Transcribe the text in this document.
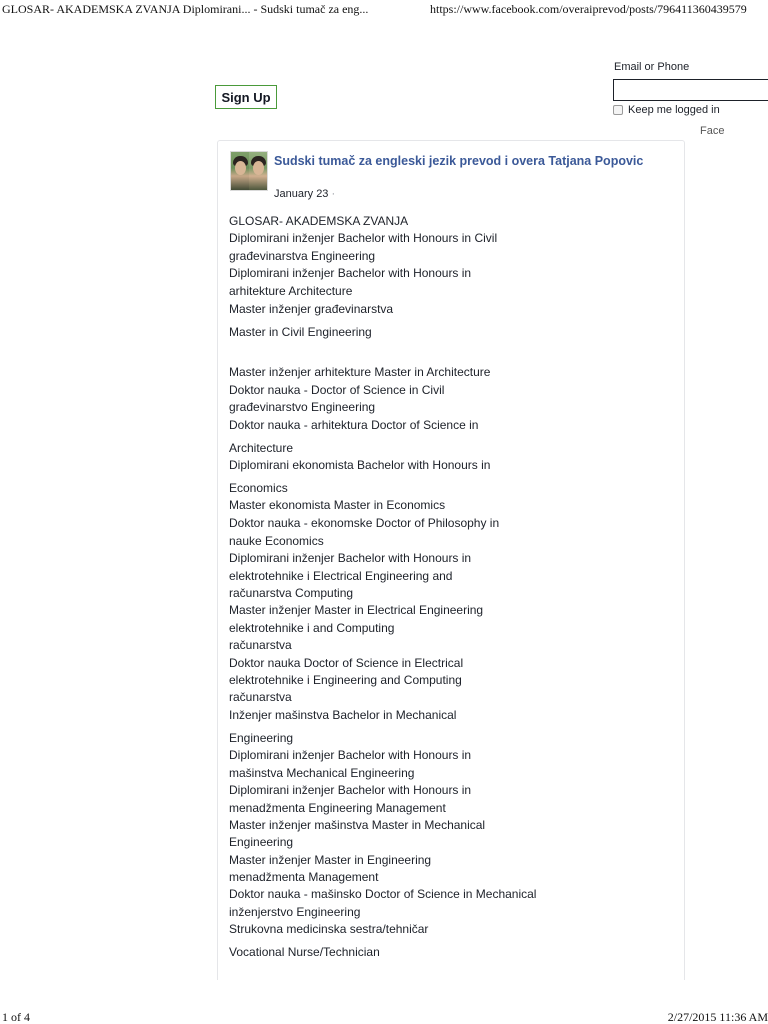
GLOSAR- AKADEMSKA ZVANJA Diplomirani... - Sudski tumač za eng...	https://www.facebook.com/overaiprevod/posts/796411360439579
Email or Phone
Keep me logged in
Face
Sign Up
Sudski tumač za engleski jezik prevod i overa Tatjana Popovic
January 23 ·
GLOSAR- AKADEMSKA ZVANJA
Diplomirani inženjer Bachelor with Honours in Civil
građevinarstva Engineering
Diplomirani inženjer Bachelor with Honours in
arhitekture Architecture
Master inženjer građevinarstva
Master in Civil Engineering
Master inženjer arhitekture Master in Architecture
Doktor nauka - Doctor of Science in Civil
građevinarstvo Engineering
Doktor nauka - arhitektura Doctor of Science in
Architecture
Diplomirani ekonomista Bachelor with Honours in
Economics
Master ekonomista Master in Economics
Doktor nauka - ekonomske Doctor of Philosophy in
nauke Economics
Diplomirani inženjer Bachelor with Honours in
elektrotehnike i Electrical Engineering and
računarstva Computing
Master inženjer Master in Electrical Engineering
elektrotehnike i and Computing
računarstva
Doktor nauka Doctor of Science in Electrical
elektrotehnike i Engineering and Computing
računarstva
Inženjer mašinstva Bachelor in Mechanical
Engineering
Diplomirani inženjer Bachelor with Honours in
mašinstva Mechanical Engineering
Diplomirani inženjer Bachelor with Honours in
menadžmenta Engineering Management
Master inženjer mašinstva Master in Mechanical
Engineering
Master inženjer Master in Engineering
menadžmenta Management
Doktor nauka - mašinsko Doctor of Science in Mechanical
inženjerstvo Engineering
Strukovna medicinska sestra/tehničar
Vocational Nurse/Technician
1 of 4	2/27/2015 11:36 AM
